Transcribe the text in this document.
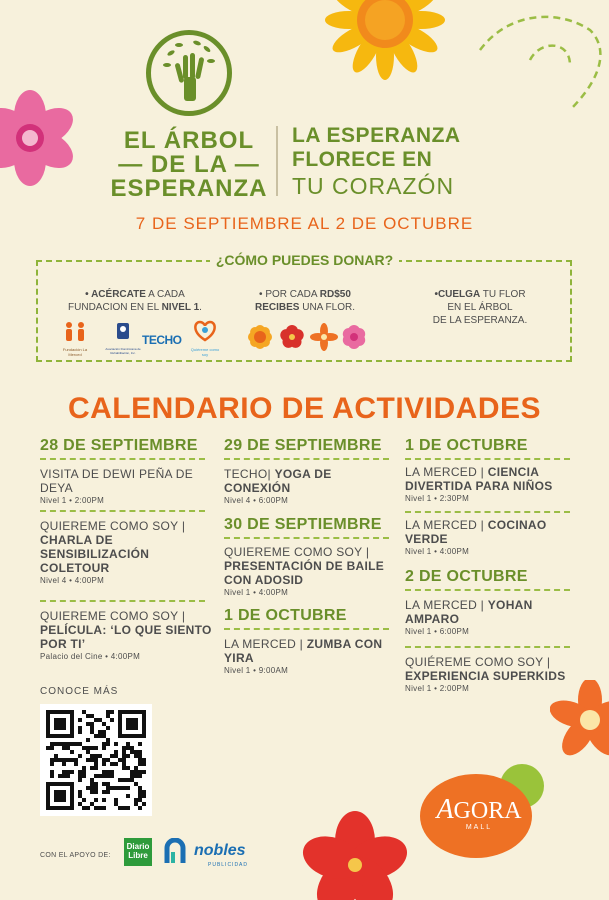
AGORA
MALL
EL ÁRBOL
— DE LA —
ESPERANZA
LA ESPERANZA
FLORECE EN
TU CORAZÓN
7 DE SEPTIEMBRE AL 2 DE OCTUBRE
¿CÓMO PUEDES DONAR?
• ACÉRCATE A CADA
FUNDACION EN EL NIVEL 1.
• POR CADA RD$50
RECIBES UNA FLOR.
•CUELGA TU FLOR
EN EL ÁRBOL
DE LA ESPERANZA.
Fundación La Merced
Asociación Dominicana de Rehabilitación, Inc.
TECHO
Quiéreme como soy
CALENDARIO DE ACTIVIDADES
28 DE SEPTIEMBRE
VISITA DE DEWI PEÑA DE DEYA
Nivel 1 • 2:00PM
QUIEREME COMO SOY |
CHARLA DE SENSIBILIZACIÓN COLETOUR
Nivel 4 • 4:00PM
QUIEREME COMO SOY |
PELÍCULA: ‘LO QUE SIENTO POR TI’
Palacio del Cine • 4:00PM
29 DE SEPTIEMBRE
TECHO| YOGA DE CONEXIÓN
Nivel 4 • 6:00PM
30 DE SEPTIEMBRE
QUIEREME COMO SOY |
PRESENTACIÓN DE BAILE CON ADOSID
Nivel 1 • 4:00PM
1 DE OCTUBRE
LA MERCED | ZUMBA CON YIRA
Nivel 1 • 9:00AM
1 DE OCTUBRE
LA MERCED | CIENCIA DIVERTIDA PARA NIÑOS
Nivel 1 • 2:30PM
LA MERCED | COCINAO VERDE
Nivel 1 • 4:00PM
2 DE OCTUBRE
LA MERCED | YOHAN AMPARO
Nivel 1 • 6:00PM
QUIÉREME COMO SOY |
EXPERIENCIA SUPERKIDS
Nivel 1 • 2:00PM
CONOCE MÁS
CON EL APOYO DE:
Diario
Libre	nobles
PUBLICIDAD
